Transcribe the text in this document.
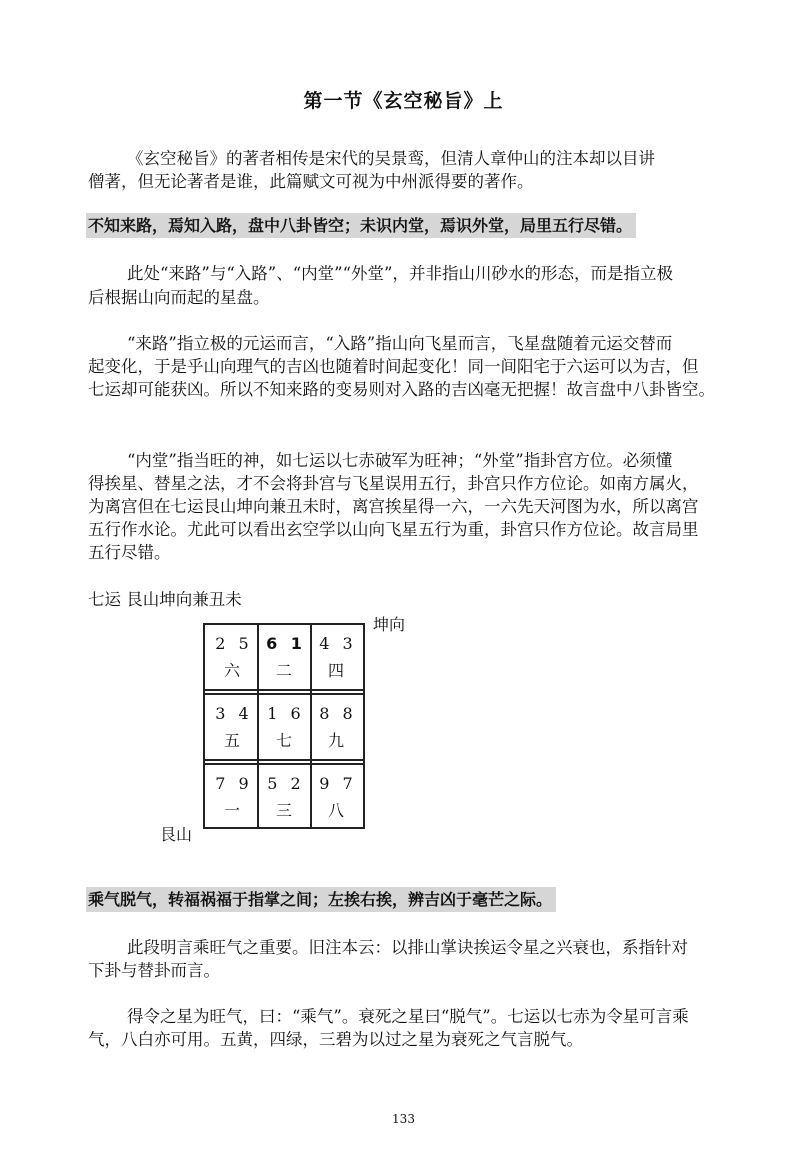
第一节《玄空秘旨》上
《玄空秘旨》的著者相传是宋代的吴景鸾，但清人章仲山的注本却以目讲
僧著，但无论著者是谁，此篇赋文可视为中州派得要的著作。
不知来路，焉知入路，盘中八卦皆空；未识内堂，焉识外堂，局里五行尽错。
此处“来路”与“入路”、“内堂”“外堂”，并非指山川砂水的形态，而是指立极
后根据山向而起的星盘。
“来路”指立极的元运而言，“入路”指山向飞星而言，飞星盘随着元运交替而
起变化，于是乎山向理气的吉凶也随着时间起变化！同一间阳宅于六运可以为吉，但
七运却可能获凶。所以不知来路的变易则对入路的吉凶毫无把握！故言盘中八卦皆空。
“内堂”指当旺的神，如七运以七赤破军为旺神；“外堂”指卦宫方位。必须懂
得挨星、替星之法，才不会将卦宫与飞星误用五行，卦宫只作方位论。如南方属火，
为离宫但在七运艮山坤向兼丑未时，离宫挨星得一六，一六先天河图为水，所以离宫
五行作水论。尤此可以看出玄空学以山向飞星五行为重，卦宫只作方位论。故言局里
五行尽错。
七运 艮山坤向兼丑未
坤向
艮山
2 5
六
6 1
二
4 3
四
3 4
五
1 6
七
8 8
九
7 9
一
5 2
三
9 7
八
乘气脱气，转福祸福于指掌之间；左挨右挨，辨吉凶于毫芒之际。
此段明言乘旺气之重要。旧注本云：以排山掌诀挨运令星之兴衰也，系指针对
下卦与替卦而言。
得令之星为旺气，曰：“乘气”。衰死之星曰“脱气”。七运以七赤为令星可言乘
气，八白亦可用。五黄，四绿，三碧为以过之星为衰死之气言脱气。
133
